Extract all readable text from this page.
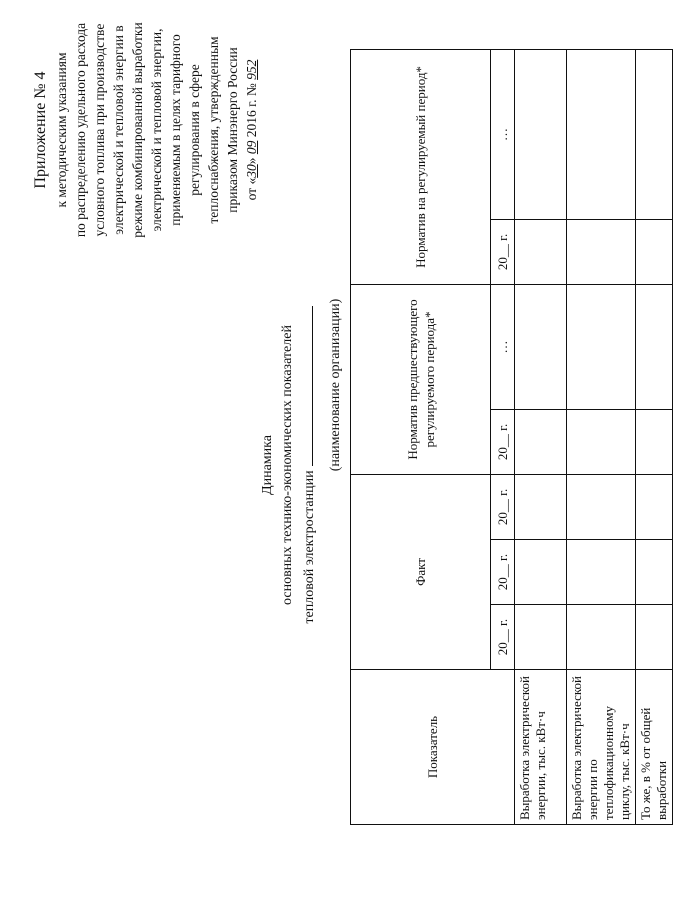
Приложение № 4 к методическим указаниям по распределению удельного расхода условного топлива при производстве электрической и тепловой энергии в режиме комбинированной выработки электрической и тепловой энергии, применяемым в целях тарифного регулирования в сфере теплоснабжения, утвержденным приказом Минэнерго России от «30» 09 2016 г. № 952
Динамика основных технико-экономических показателей тепловой электростанции
(наименование организации)
Показатель	Факт			Норматив предшествующего регулируемого периода*		Норматив на регулируемый период*	
	20__ г.	20__ г.	20__ г.	20__ г.	…	20__ г.	…
Выработка электрической энергии, тыс. кВт·ч							
Выработка электрической энергии по теплофикационному циклу, тыс. кВт·ч							
То же, в % от общей выработки							
